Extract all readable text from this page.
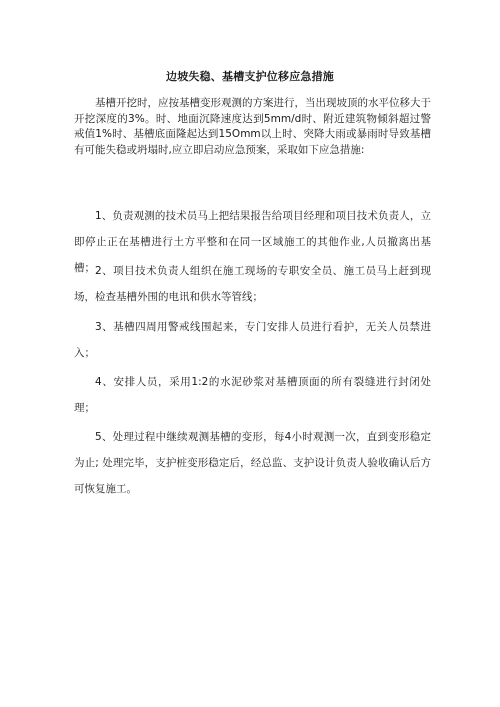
边坡失稳、基槽支护位移应急措施
基槽开挖时，应按基槽变形观测的方案进行，当出现坡顶的水平位移大于开挖深度的3%。时、地面沉降速度达到5mm/d时、附近建筑物倾斜超过警戒值1%时、基槽底面隆起达到15Omm以上时、突降大雨或暴雨时导致基槽有可能失稳或坍塌时,应立即启动应急预案，采取如下应急措施:
1、负责观测的技术员马上把结果报告给项目经理和项目技术负责人，立即停止正在基槽进行土方平整和在同一区域施工的其他作业,人员撤离出基槽； 2、项目技术负责人组织在施工现场的专职安全员、施工员马上赶到现场，检查基槽外围的电讯和供水等管线；
3、基槽四周用警戒线围起来，专门安排人员进行看护，无关人员禁进入；
4、安排人员，采用1:2的水泥砂浆对基槽顶面的所有裂缝进行封闭处理；
5、处理过程中继续观测基槽的变形，每4小时观测一次，直到变形稳定为止; 处理完毕，支护桩变形稳定后，经总监、支护设计负责人验收确认后方可恢复施工。
